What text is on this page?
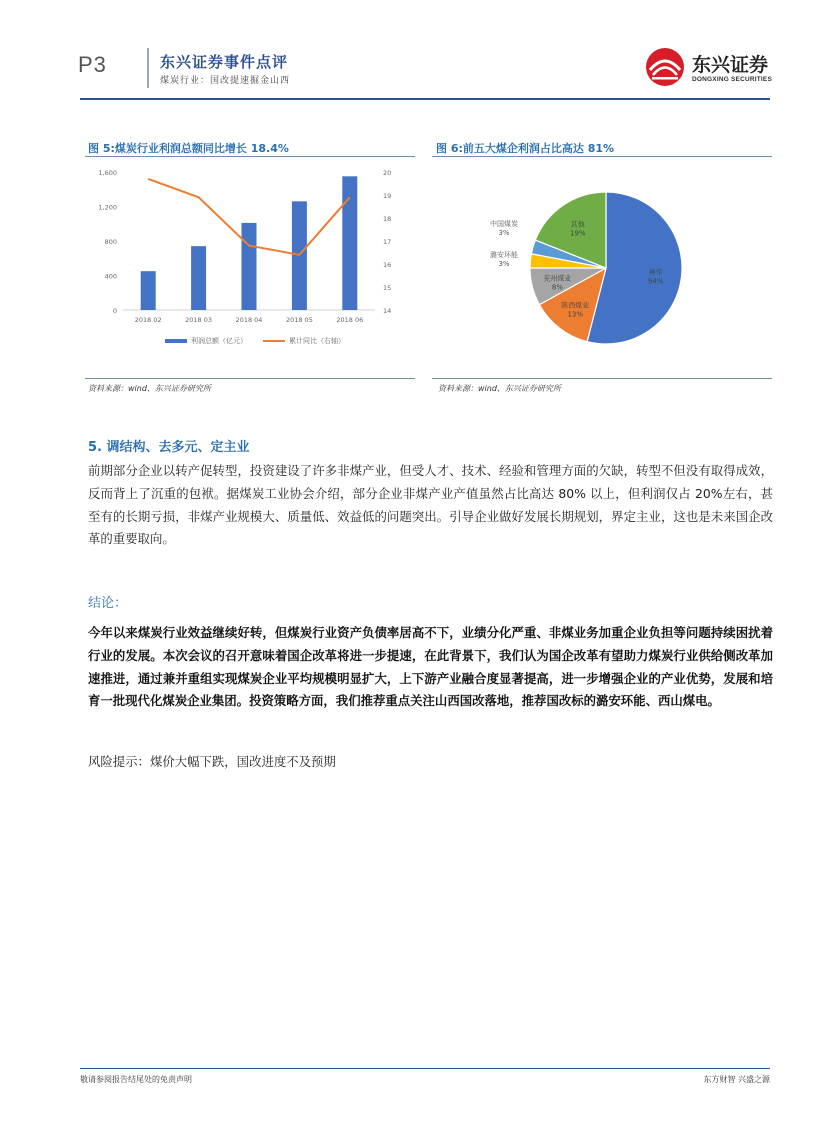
P3	东兴证券事件点评
煤炭行业：国改提速掘金山西
东兴证券
DONGXING SECURITIES
图 5:煤炭行业利润总额同比增长 18.4%
1,600
1,200
800
400
0
20
19
18
17
16
15
14
2018 02	2018 03	2018 04	2018 05	2018 06
利润总额（亿元）	累计同比（右轴）
资料来源：wind、东兴证券研究所
图 6:前五大煤企利润占比高达 81%
神华
54%
陕西煤业
13%
兖州煤业
8%
潞安环能
3%
中国煤炭
3%
其他
19%
资料来源：wind、东兴证券研究所
5. 调结构、去多元、定主业
前期部分企业以转产促转型，投资建设了许多非煤产业，但受人才、技术、经验和管理方面的欠缺，转型不但没有取得成效，反而背上了沉重的包袱。据煤炭工业协会介绍，部分企业非煤产业产值虽然占比高达 80% 以上，但利润仅占 20%左右，甚至有的长期亏损，非煤产业规模大、质量低、效益低的问题突出。引导企业做好发展长期规划，界定主业，这也是未来国企改革的重要取向。
结论：
今年以来煤炭行业效益继续好转，但煤炭行业资产负债率居高不下，业绩分化严重、非煤业务加重企业负担等问题持续困扰着行业的发展。本次会议的召开意味着国企改革将进一步提速，在此背景下，我们认为国企改革有望助力煤炭行业供给侧改革加速推进，通过兼并重组实现煤炭企业平均规模明显扩大，上下游产业融合度显著提高，进一步增强企业的产业优势，发展和培育一批现代化煤炭企业集团。投资策略方面，我们推荐重点关注山西国改落地，推荐国改标的潞安环能、西山煤电。
风险提示：煤价大幅下跌，国改进度不及预期
敬请参阅报告结尾处的免责声明	东方财智 兴盛之源
